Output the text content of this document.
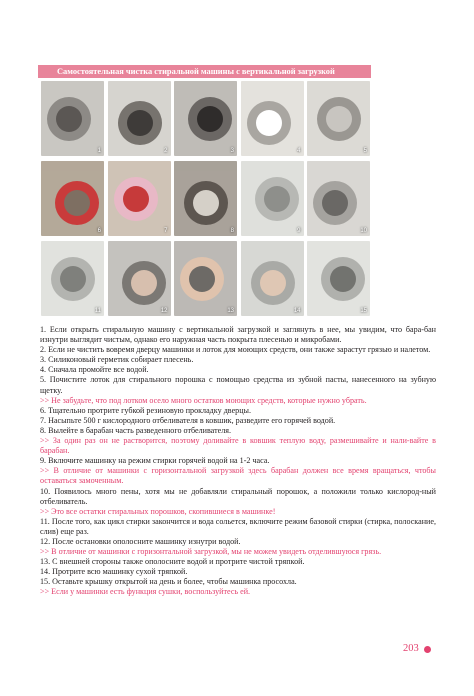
Самостоятельная чистка стиральной машины с вертикальной загрузкой
1	2	3	4	5
6	7	8	9	10
11	12	13	14	15

1. Если открыть стиральную машину с вертикальной загрузкой и заглянуть в нее, мы увидим, что бара-бан изнутри выглядит чистым, однако его наружная часть покрыта плесенью и микробами.

2. Если не чистить вовремя дверцу машинки и лоток для моющих средств, они также зарастут грязью и налетом.

3. Силиконовый герметик собирает плесень.

4. Сначала промойте все водой.

5. Почистите лоток для стирального порошка с помощью средства из зубной пасты, нанесенного на зубную щетку.

>> Не забудьте, что под лотком осело много остатков моющих средств, которые нужно убрать.

6. Тщательно протрите губкой резиновую прокладку дверцы.

7. Насыпьте 500 г кислородного отбеливателя в ковшик, разведите его горячей водой.

8. Вылейте в барабан часть разведенного отбеливателя.

>> За один раз он не растворится, поэтому доливайте в ковшик теплую воду, размешивайте и нали-вайте в барабан.

9. Включите машинку на режим стирки горячей водой на 1-2 часа.

>> В отличие от машинки с горизонтальной загрузкой здесь барабан должен все время вращаться, чтобы оставаться замоченным.

10. Появилось много пены, хотя мы не добавляли стиральный порошок, а положили только кислород-ный отбеливатель.

>> Это все остатки стиральных порошков, скопившиеся в машинке!

11. После того, как цикл стирки закончится и вода сольется, включите режим базовой стирки (стирка, полоскание, слив) еще раз.

12. После остановки ополосните машинку изнутри водой.

>> В отличие от машинки с горизонтальной загрузкой, мы не можем увидеть отделившуюся грязь.

13. С внешней стороны также ополосните водой и протрите чистой тряпкой.

14. Протрите всю машинку сухой тряпкой.

15. Оставьте крышку открытой на день и более, чтобы машинка просохла.

>> Если у машинки есть функция сушки, воспользуйтесь ей.

203
